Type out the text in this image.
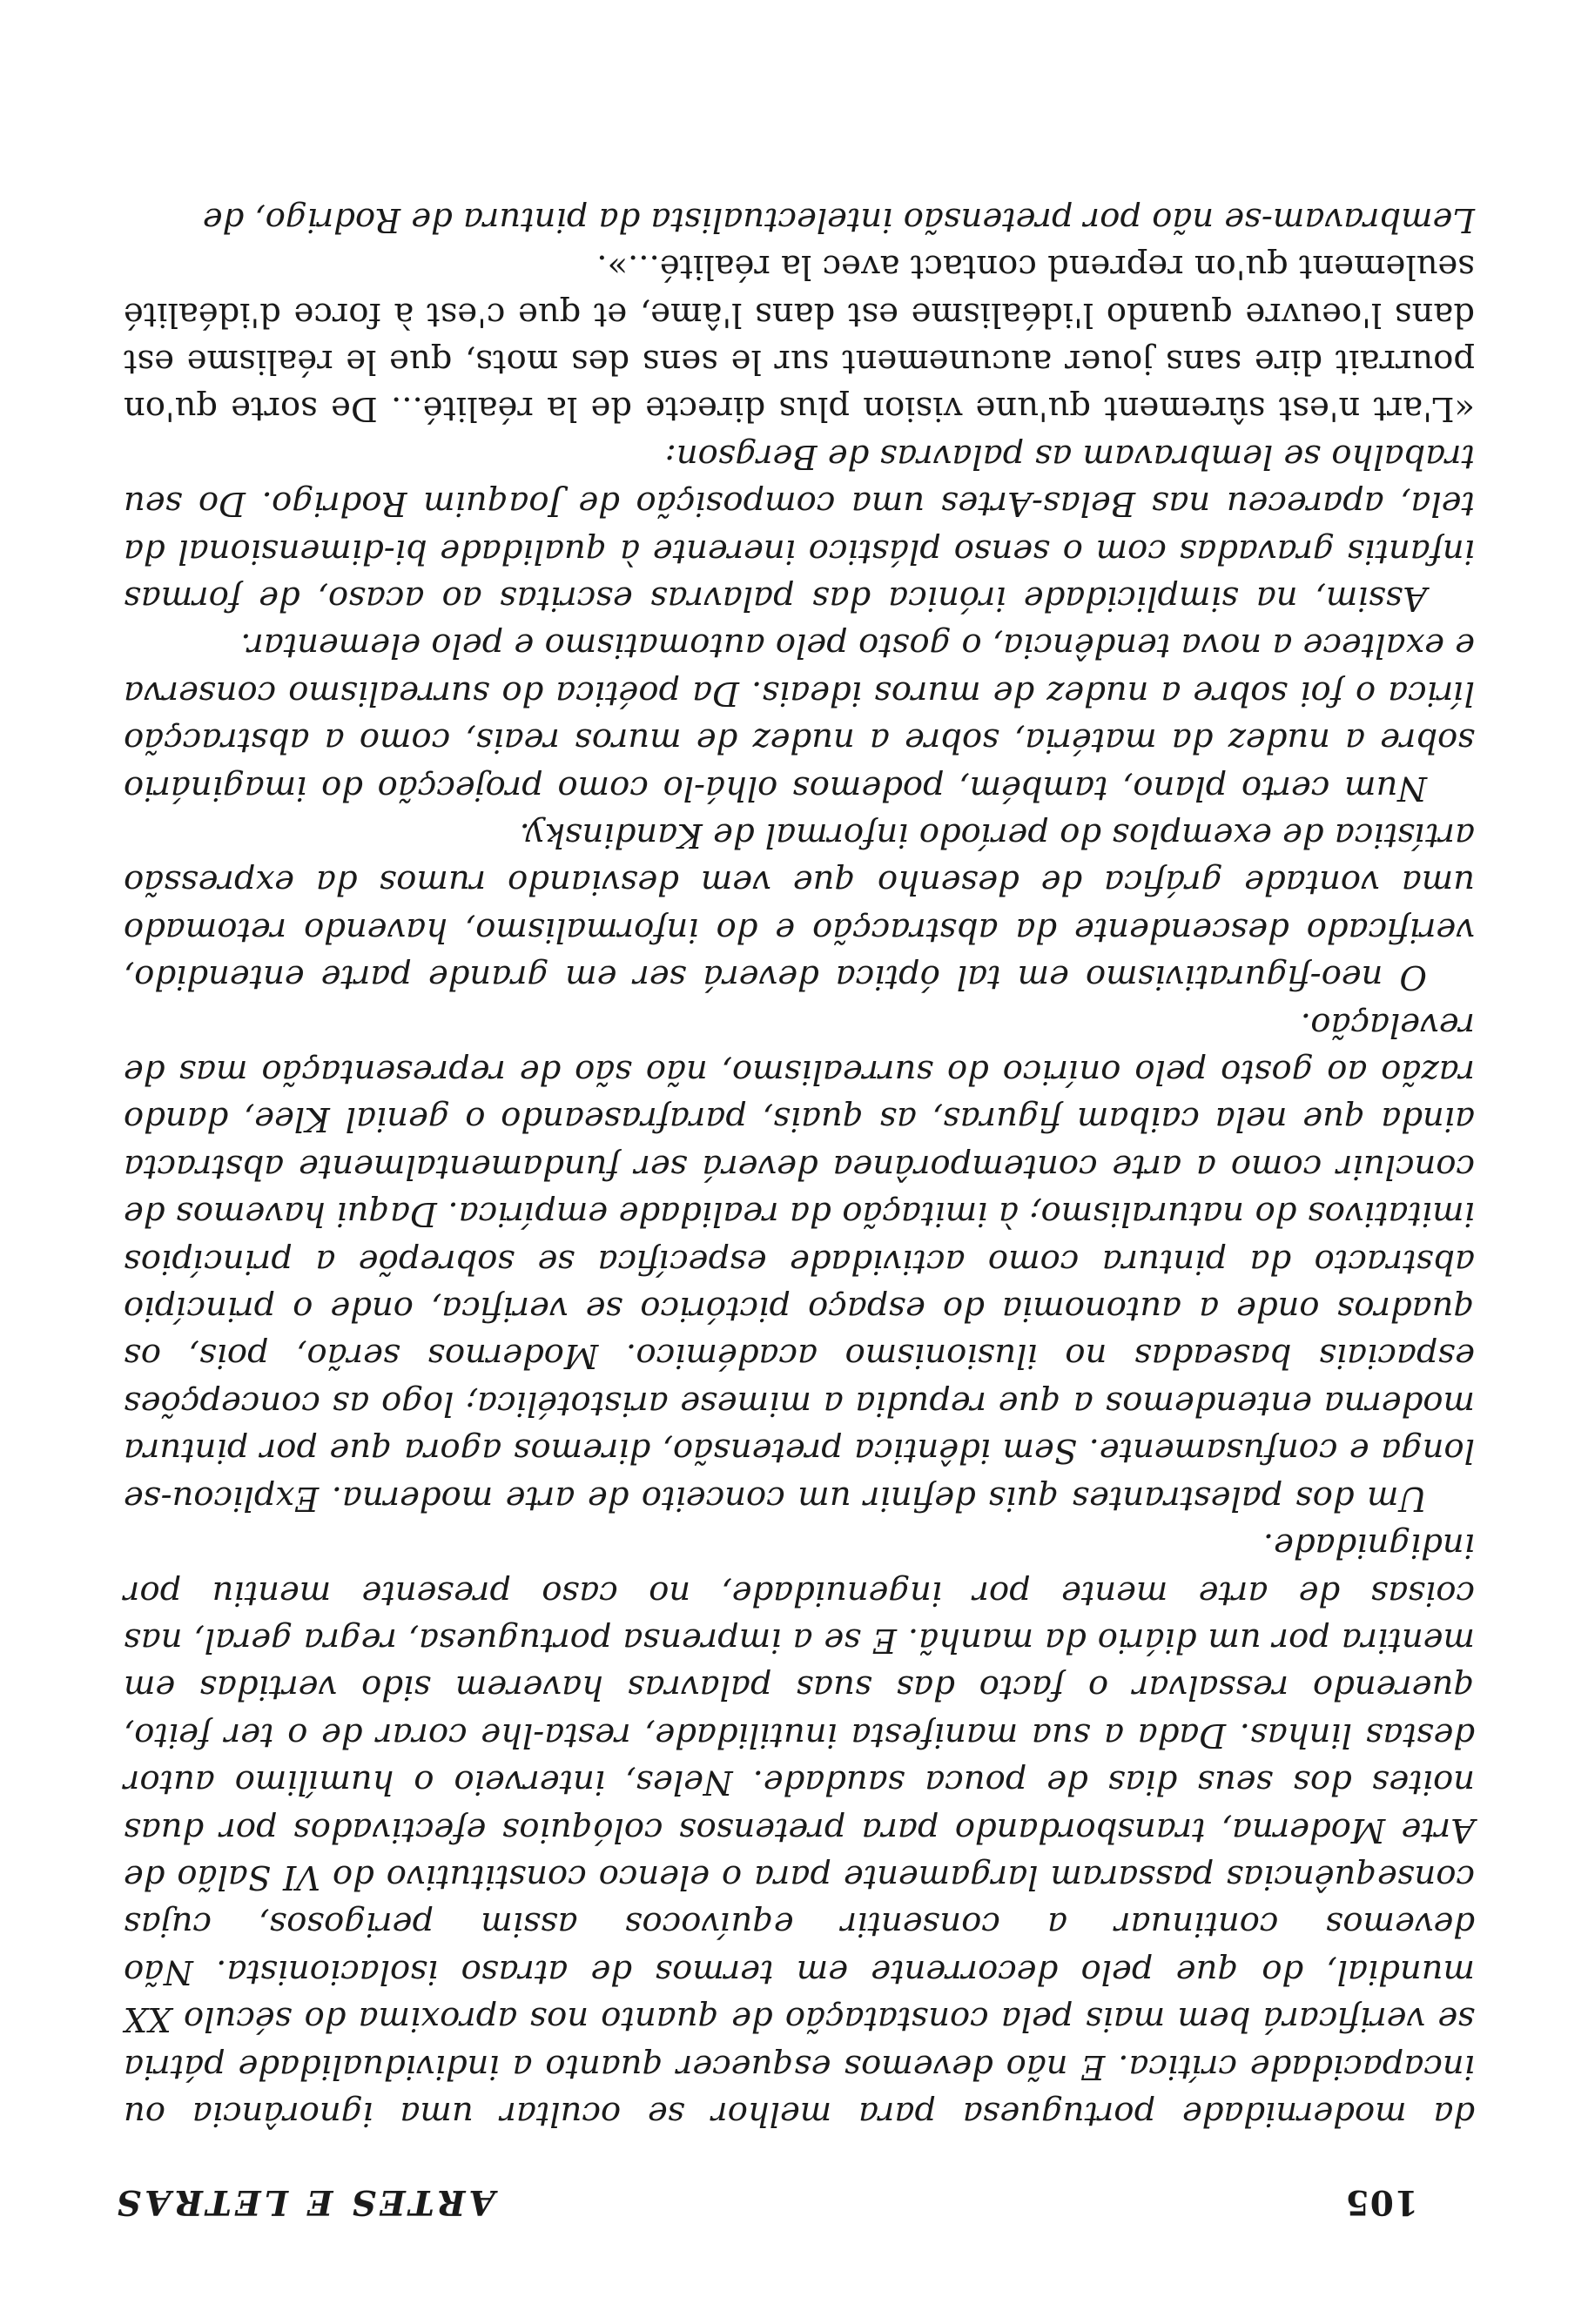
105
ARTES E LETRAS

da modernidade portuguesa para melhor se ocultar uma ignorância ou incapacidade crítica. E não devemos esquecer quanto a individualidade pátria se verificará bem mais pela constatação de quanto nos aproxima do século XX mundial, do que pelo decorrente em termos de atraso isolacionista. Não devemos continuar a consentir equívocos assim perigosos, cujas consequências passaram largamente para o elenco constitutivo do VI Salão de Arte Moderna, transbordando para pretensos colóquios efectivados por duas noites dos seus dias de pouca saudade. Neles, interveio o humílimo autor destas linhas. Dada a sua manifesta inutilidade, resta-lhe corar de o ter feito, querendo ressalvar o facto das suas palavras haverem sido vertidas em mentira por um diário da manhã. E se a imprensa portuguesa, regra geral, nas coisas de arte mente por ingenuidade, no caso presente mentiu por indignidade.

Um dos palestrantes quis definir um conceito de arte moderna. Explicou-se longa e confusamente. Sem idêntica pretensão, diremos agora que por pintura moderna entendemos a que repudia a mimese aristotélica; logo as concepções espaciais baseadas no ilusionismo académico. Modernos serão, pois, os quadros onde a autonomia do espaço pictórico se verifica, onde o princípio abstracto da pintura como actividade específica se sobrepõe a princípios imitativos do naturalismo; à imitação da realidade empírica. Daqui havemos de concluir como a arte contemporânea deverá ser fundamentalmente abstracta ainda que nela caibam figuras, as quais, parafraseando o genial Klee, dando razão ao gosto pelo onírico do surrealismo, não são de representação mas de revelação.

O neo-figurativismo em tal óptica deverá ser em grande parte entendido, verificado descendente da abstracção e do informalismo, havendo retomado uma vontade gráfica de desenho que vem desviando rumos da expressão artística de exemplos do período informal de Kandinsky.

Num certo plano, também, podemos olhá-lo como projecção do imaginário sobre a nudez da matéria, sobre a nudez de muros reais, como a abstracção lírica o foi sobre a nudez de muros ideais. Da poética do surrealismo conserva e exaltece a nova tendência, o gosto pelo automatismo e pelo elementar.

Assim, na simplicidade irónica das palavras escritas ao acaso, de formas infantis gravadas com o senso plástico inerente à qualidade bi-dimensional da tela, apareceu nas Belas-Artes uma composição de Joaquim Rodrigo. Do seu trabalho se lembravam as palavras de Bergson:

«L'art n'est sûrement qu'une vision plus directe de la réalité... De sorte qu'on pourrait dire sans jouer aucunement sur le sens des mots, que le réalisme est dans l'oeuvre quando l'idéalisme est dans l'âme, et que c'est à force d'idéalité seulement qu'on reprend contact avec la réalité...».

Lembravam-se não por pretensão intelectualista da pintura de Rodrigo, de
